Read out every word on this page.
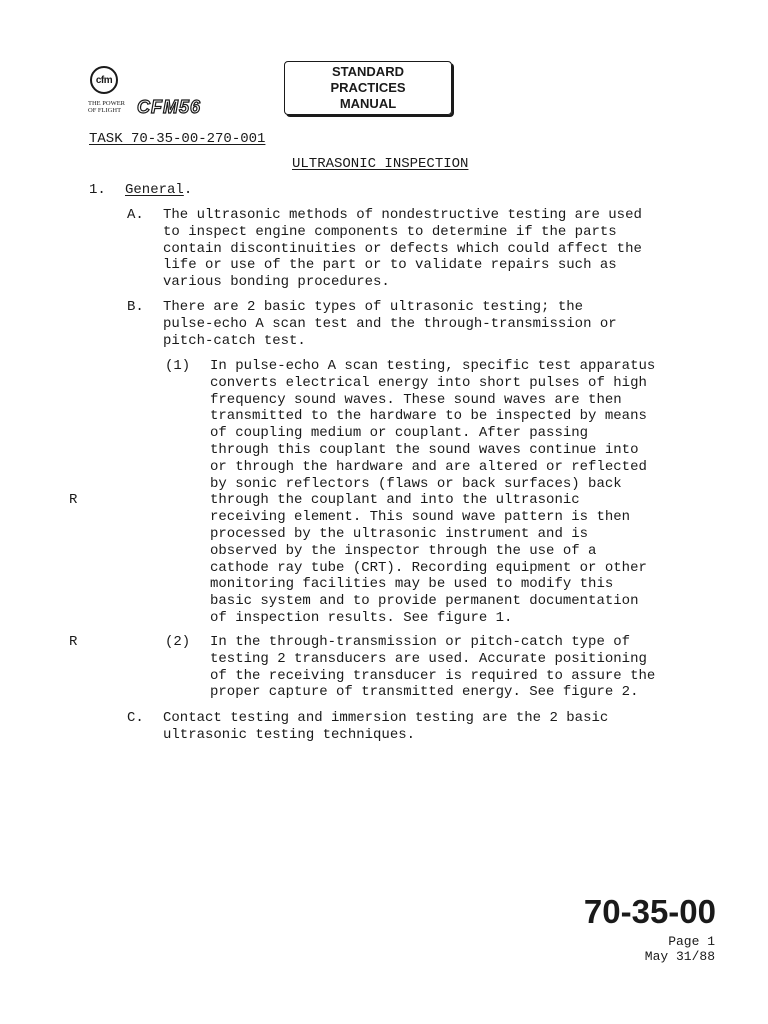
cfm
THE POWER
OF FLIGHT CFM56
STANDARD
PRACTICES
MANUAL
TASK 70-35-00-270-001
ULTRASONIC INSPECTION
1. General.
A. The ultrasonic methods of nondestructive testing are used
to inspect engine components to determine if the parts
contain discontinuities or defects which could affect the
life or use of the part or to validate repairs such as
various bonding procedures.
B. There are 2 basic types of ultrasonic testing; the
pulse-echo A scan test and the through-transmission or
pitch-catch test.
(1)
R
In pulse-echo A scan testing, specific test apparatus
converts electrical energy into short pulses of high
frequency sound waves. These sound waves are then
transmitted to the hardware to be inspected by means
of coupling medium or couplant. After passing
through this couplant the sound waves continue into
or through the hardware and are altered or reflected
by sonic reflectors (flaws or back surfaces) back
through the couplant and into the ultrasonic
receiving element. This sound wave pattern is then
processed by the ultrasonic instrument and is
observed by the inspector through the use of a
cathode ray tube (CRT). Recording equipment or other
monitoring facilities may be used to modify this
basic system and to provide permanent documentation
of inspection results. See figure 1.
R	(2) In the through-transmission or pitch-catch type of
testing 2 transducers are used. Accurate positioning
of the receiving transducer is required to assure the
proper capture of transmitted energy. See figure 2.
C. Contact testing and immersion testing are the 2 basic
ultrasonic testing techniques.
70-35-00
Page 1
May 31/88
